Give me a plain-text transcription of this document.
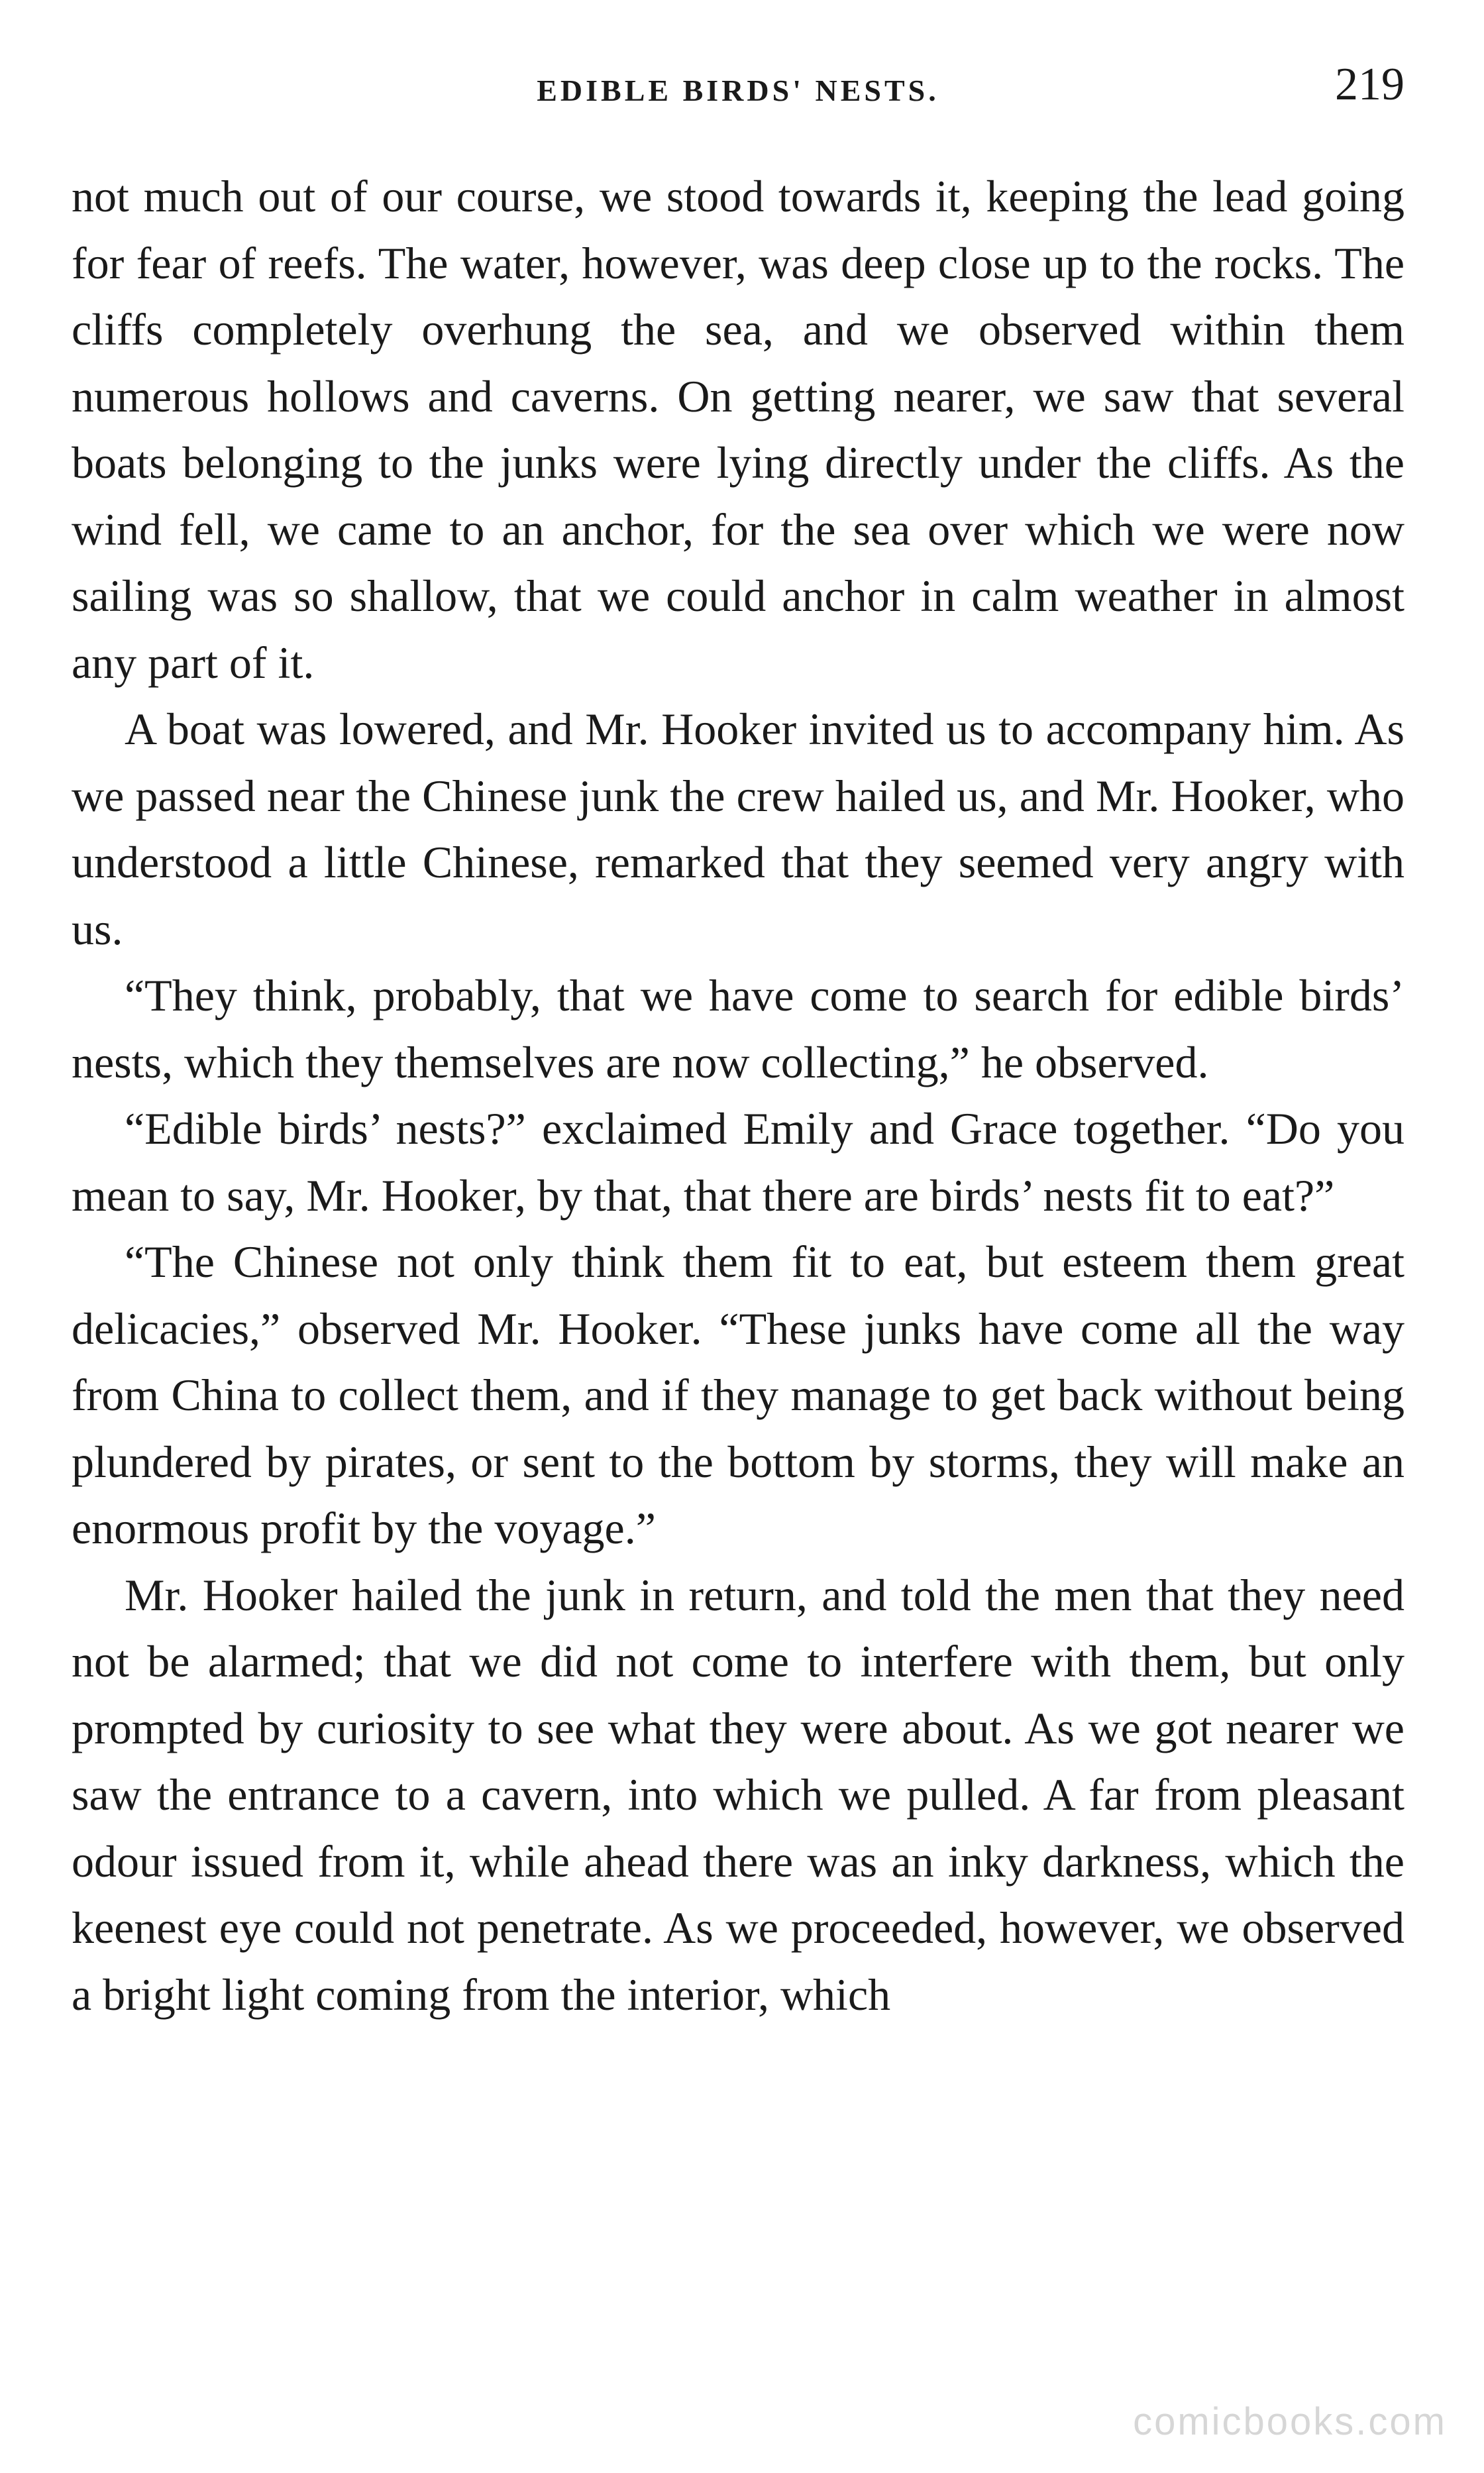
EDIBLE BIRDS' NESTS.	219

not much out of our course, we stood towards it, keeping the lead going for fear of reefs. The water, however, was deep close up to the rocks. The cliffs completely overhung the sea, and we observed within them numerous hollows and caverns. On getting nearer, we saw that several boats belonging to the junks were lying directly under the cliffs. As the wind fell, we came to an anchor, for the sea over which we were now sailing was so shallow, that we could anchor in calm weather in almost any part of it.

A boat was lowered, and Mr. Hooker invited us to accompany him. As we passed near the Chinese junk the crew hailed us, and Mr. Hooker, who understood a little Chinese, remarked that they seemed very angry with us.

“They think, probably, that we have come to search for edible birds’ nests, which they themselves are now collecting,” he observed.

“Edible birds’ nests?” exclaimed Emily and Grace together. “Do you mean to say, Mr. Hooker, by that, that there are birds’ nests fit to eat?”

“The Chinese not only think them fit to eat, but esteem them great delicacies,” observed Mr. Hooker. “These junks have come all the way from China to collect them, and if they manage to get back without being plundered by pirates, or sent to the bottom by storms, they will make an enormous profit by the voyage.”

Mr. Hooker hailed the junk in return, and told the men that they need not be alarmed; that we did not come to interfere with them, but only prompted by curiosity to see what they were about. As we got nearer we saw the entrance to a cavern, into which we pulled. A far from pleasant odour issued from it, while ahead there was an inky darkness, which the keenest eye could not penetrate. As we proceeded, however, we observed a bright light coming from the interior, which

comicbooks.com
